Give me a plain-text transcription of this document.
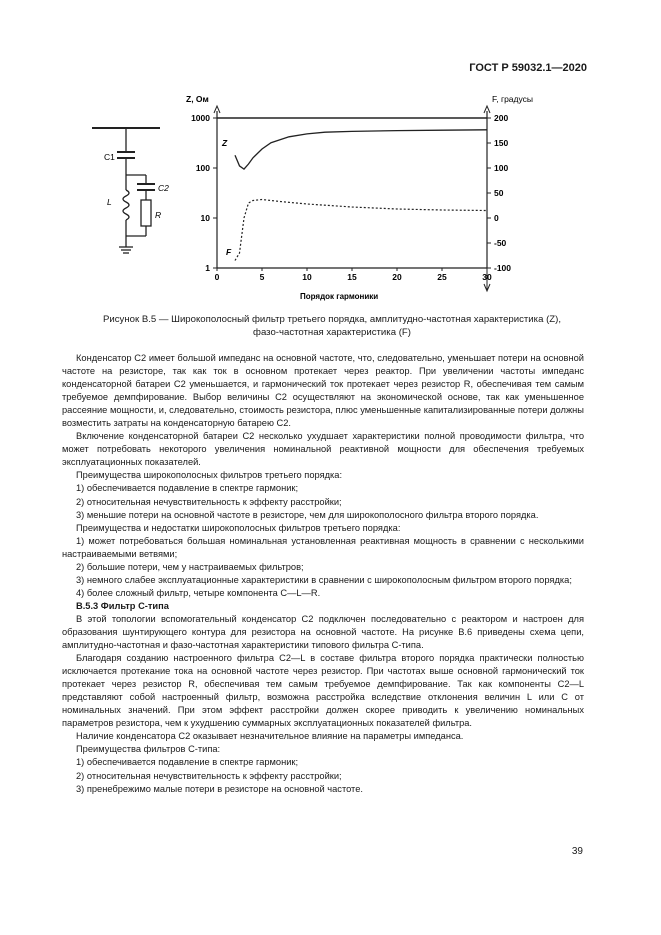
ГОСТ Р 59032.1—2020
C1
C2
L
R
Z, Ом	F, градусы
1000
100
10
1
200
150
100
50
0
-50
-100
0	5	10	15	20	25	30
Z
F
Порядок гармоники
Рисунок В.5 — Широкополосный фильтр третьего порядка, амплитудно-частотная характеристика (Z),
фазо-частотная характеристика (F)

Конденсатор C2 имеет большой импеданс на основной частоте, что, следовательно, уменьшает потери на основной частоте на резисторе, так как ток в основном протекает через реактор. При увеличении частоты импеданс конденсаторной батареи C2 уменьшается, и гармонический ток протекает через резистор R, обеспечивая тем самым требуемое демпфирование. Выбор величины C2 осуществляют на экономической основе, так как уменьшенное рассеяние мощности, и, следовательно, стоимость резистора, плюс уменьшенные капитализированные потери должны возместить затраты на конденсаторную батарею C2.

Включение конденсаторной батареи C2 несколько ухудшает характеристики полной проводимости фильтра, что может потребовать некоторого увеличения номинальной реактивной мощности для обеспечения требуемых эксплуатационных показателей.

Преимущества широкополосных фильтров третьего порядка:

1) обеспечивается подавление в спектре гармоник;

2) относительная нечувствительность к эффекту расстройки;

3) меньшие потери на основной частоте в резисторе, чем для широкополосного фильтра второго порядка.

Преимущества и недостатки широкополосных фильтров третьего порядка:

1) может потребоваться большая номинальная установленная реактивная мощность в сравнении с несколькими настраиваемыми ветвями;

2) большие потери, чем у настраиваемых фильтров;

3) немного слабее эксплуатационные характеристики в сравнении с широкополосным фильтром второго порядка;

4) более сложный фильтр, четыре компонента C—L—R.

В.5.3 Фильтр С-типа

В этой топологии вспомогательный конденсатор C2 подключен последовательно с реактором и настроен для образования шунтирующего контура для резистора на основной частоте. На рисунке В.6 приведены схема цепи, амплитудно-частотная и фазо-частотная характеристики типового фильтра С-типа.

Благодаря созданию настроенного фильтра C2—L в составе фильтра второго порядка практически полностью исключается протекание тока на основной частоте через резистор. При частотах выше основной гармонический ток протекает через резистор R, обеспечивая тем самым требуемое демпфирование. Так как компоненты C2—L представляют собой настроенный фильтр, возможна расстройка вследствие отклонения величин L или C от номинальных значений. При этом эффект расстройки должен скорее приводить к увеличению номинальных параметров резистора, чем к ухудшению суммарных эксплуатационных показателей фильтра.

Наличие конденсатора C2 оказывает незначительное влияние на параметры импеданса.

Преимущества фильтров С-типа:

1) обеспечивается подавление в спектре гармоник;

2) относительная нечувствительность к эффекту расстройки;

3) пренебрежимо малые потери в резисторе на основной частоте.

39
